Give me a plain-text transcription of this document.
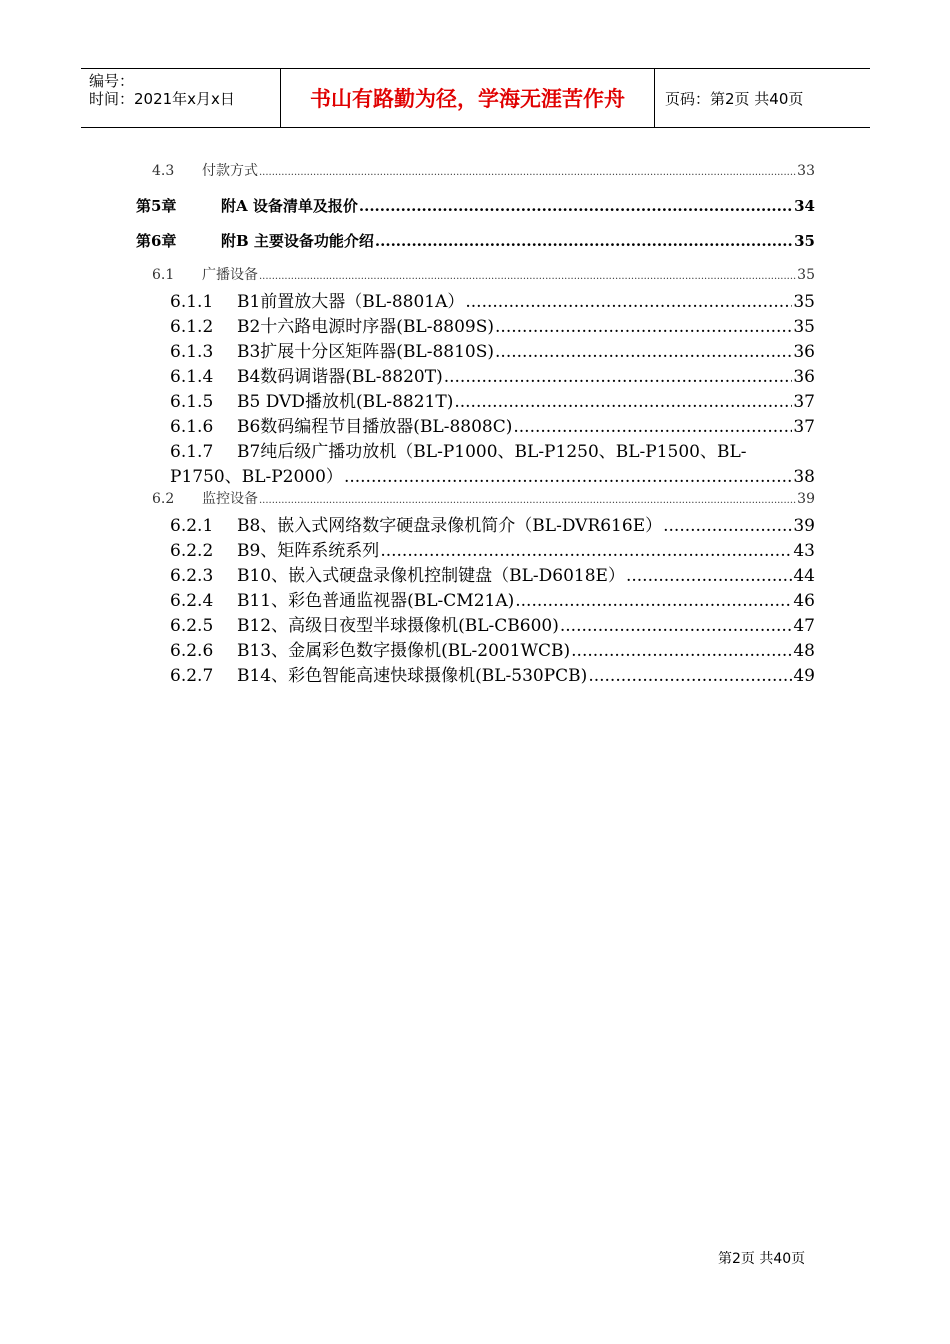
编号：
时间：2021年x月x日	书山有路勤为径，学海无涯苦作舟	页码：第2页 共40页
4.3	付款方式 .....	33
第5章	附A 设备清单及报价 .....	34
第6章	附B 主要设备功能介绍 .....	35
6.1	广播设备 .....	35
6.1.1	B1前置放大器（BL-8801A） .....	35
6.1.2	B2十六路电源时序器(BL-8809S) .....	35
6.1.3	B3扩展十分区矩阵器(BL-8810S) .....	36
6.1.4	B4数码调谐器(BL-8820T) .....	36
6.1.5	B5 DVD播放机(BL-8821T) .....	37
6.1.6	B6数码编程节目播放器(BL-8808C) .....	37
6.1.7 B7纯后级广播功放机（BL-P1000、BL-P1250、BL-P1500、BL-
P1750、BL-P2000） .....	38
6.2	监控设备 .....	39
6.2.1	B8、嵌入式网络数字硬盘录像机简介（BL-DVR616E） .....	39
6.2.2	B9、矩阵系统系列 .....	43
6.2.3	B10、嵌入式硬盘录像机控制键盘（BL-D6018E） .....	44
6.2.4	B11、彩色普通监视器(BL-CM21A) .....	46
6.2.5	B12、高级日夜型半球摄像机(BL-CB600) .....	47
6.2.6	B13、金属彩色数字摄像机(BL-2001WCB) .....	48
6.2.7	B14、彩色智能高速快球摄像机(BL-530PCB) .....	49
第2页 共40页
